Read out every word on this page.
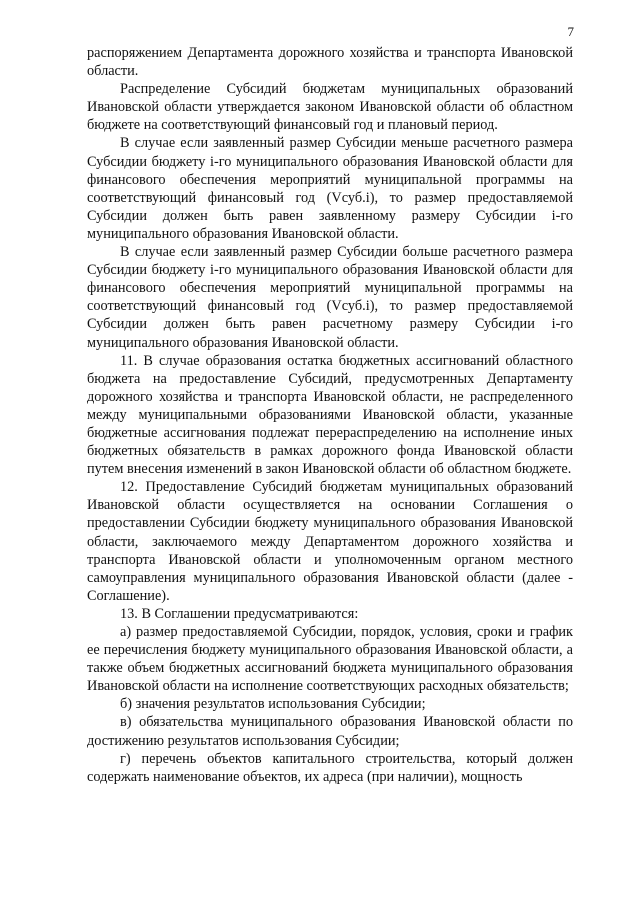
7

распоряжением Департамента дорожного хозяйства и транспорта Ивановской области.

Распределение Субсидий бюджетам муниципальных образований Ивановской области утверждается законом Ивановской области об областном бюджете на соответствующий финансовый год и плановый период.

В случае если заявленный размер Субсидии меньше расчетного размера Субсидии бюджету i-го муниципального образования Ивановской области для финансового обеспечения мероприятий муниципальной программы на соответствующий финансовый год (Vсуб.i), то размер предоставляемой Субсидии должен быть равен заявленному размеру Субсидии i-го муниципального образования Ивановской области.

В случае если заявленный размер Субсидии больше расчетного размера Субсидии бюджету i-го муниципального образования Ивановской области для финансового обеспечения мероприятий муниципальной программы на соответствующий финансовый год (Vсуб.i), то размер предоставляемой Субсидии должен быть равен расчетному размеру Субсидии i-го муниципального образования Ивановской области.

11. В случае образования остатка бюджетных ассигнований областного бюджета на предоставление Субсидий, предусмотренных Департаменту дорожного хозяйства и транспорта Ивановской области, не распределенного между муниципальными образованиями Ивановской области, указанные бюджетные ассигнования подлежат перераспределению на исполнение иных бюджетных обязательств в рамках дорожного фонда Ивановской области путем внесения изменений в закон Ивановской области об областном бюджете.

12. Предоставление Субсидий бюджетам муниципальных образований Ивановской области осуществляется на основании Соглашения о предоставлении Субсидии бюджету муниципального образования Ивановской области, заключаемого между Департаментом дорожного хозяйства и транспорта Ивановской области и уполномоченным органом местного самоуправления муниципального образования Ивановской области (далее - Соглашение).

13. В Соглашении предусматриваются:

а) размер предоставляемой Субсидии, порядок, условия, сроки и график ее перечисления бюджету муниципального образования Ивановской области, а также объем бюджетных ассигнований бюджета муниципального образования Ивановской области на исполнение соответствующих расходных обязательств;

б) значения результатов использования Субсидии;

в) обязательства муниципального образования Ивановской области по достижению результатов использования Субсидии;

г) перечень объектов капитального строительства, который должен содержать наименование объектов, их адреса (при наличии), мощность
